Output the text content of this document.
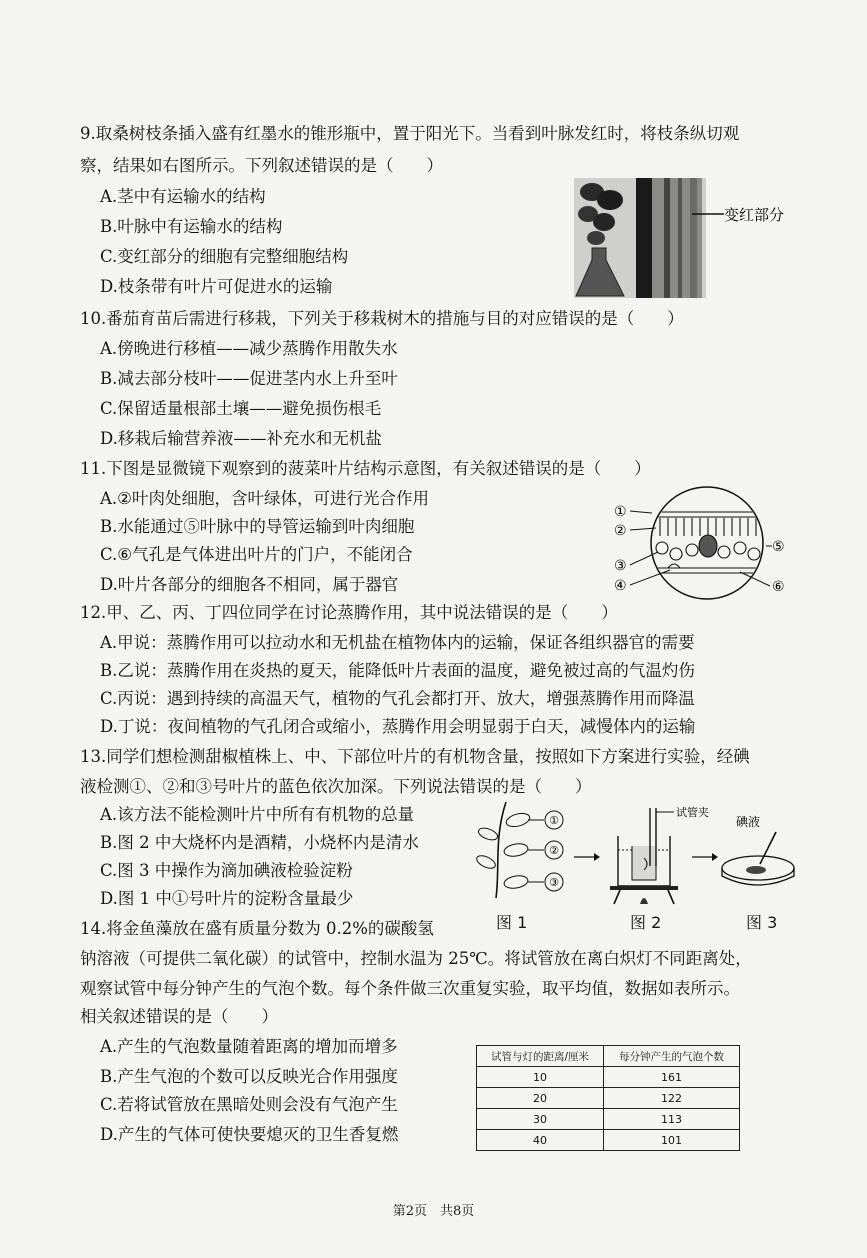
9.取桑树枝条插入盛有红墨水的锥形瓶中，置于阳光下。当看到叶脉发红时，将枝条纵切观
察，结果如右图所示。下列叙述错误的是（　　）
A.茎中有运输水的结构
B.叶脉中有运输水的结构
C.变红部分的细胞有完整细胞结构
D.枝条带有叶片可促进水的运输
变红部分
10.番茄育苗后需进行移栽，下列关于移栽树木的措施与目的对应错误的是（　　）
A.傍晚进行移植——减少蒸腾作用散失水
B.减去部分枝叶——促进茎内水上升至叶
C.保留适量根部土壤——避免损伤根毛
D.移栽后输营养液——补充水和无机盐
11.下图是显微镜下观察到的菠菜叶片结构示意图，有关叙述错误的是（　　）
A.②叶肉处细胞，含叶绿体，可进行光合作用
B.水能通过⑤叶脉中的导管运输到叶肉细胞
C.⑥气孔是气体进出叶片的门户，不能闭合
D.叶片各部分的细胞各不相同，属于器官
①
②
③
④
⑤
⑥
12.甲、乙、丙、丁四位同学在讨论蒸腾作用，其中说法错误的是（　　）
A.甲说：蒸腾作用可以拉动水和无机盐在植物体内的运输，保证各组织器官的需要
B.乙说：蒸腾作用在炎热的夏天，能降低叶片表面的温度，避免被过高的气温灼伤
C.丙说：遇到持续的高温天气，植物的气孔会都打开、放大，增强蒸腾作用而降温
D.丁说：夜间植物的气孔闭合或缩小，蒸腾作用会明显弱于白天，减慢体内的运输
13.同学们想检测甜椒植株上、中、下部位叶片的有机物含量，按照如下方案进行实验，经碘
液检测①、②和③号叶片的蓝色依次加深。下列说法错误的是（　　）
A.该方法不能检测叶片中所有有机物的总量
B.图 2 中大烧杯内是酒精，小烧杯内是清水
C.图 3 中操作为滴加碘液检验淀粉
D.图 1 中①号叶片的淀粉含量最少
①
②
③
试管夹
碘液
图 1	图 2	图 3
14.将金鱼藻放在盛有质量分数为 0.2%的碳酸氢
钠溶液（可提供二氧化碳）的试管中，控制水温为 25℃。将试管放在离白炽灯不同距离处，
观察试管中每分钟产生的气泡个数。每个条件做三次重复实验，取平均值，数据如表所示。
相关叙述错误的是（　　）
A.产生的气泡数量随着距离的增加而增多
B.产生气泡的个数可以反映光合作用强度
C.若将试管放在黑暗处则会没有气泡产生
D.产生的气体可使快要熄灭的卫生香复燃
试管与灯的距离/厘米	每分钟产生的气泡个数
10	161
20	122
30	113
40	101
第2页　共8页
